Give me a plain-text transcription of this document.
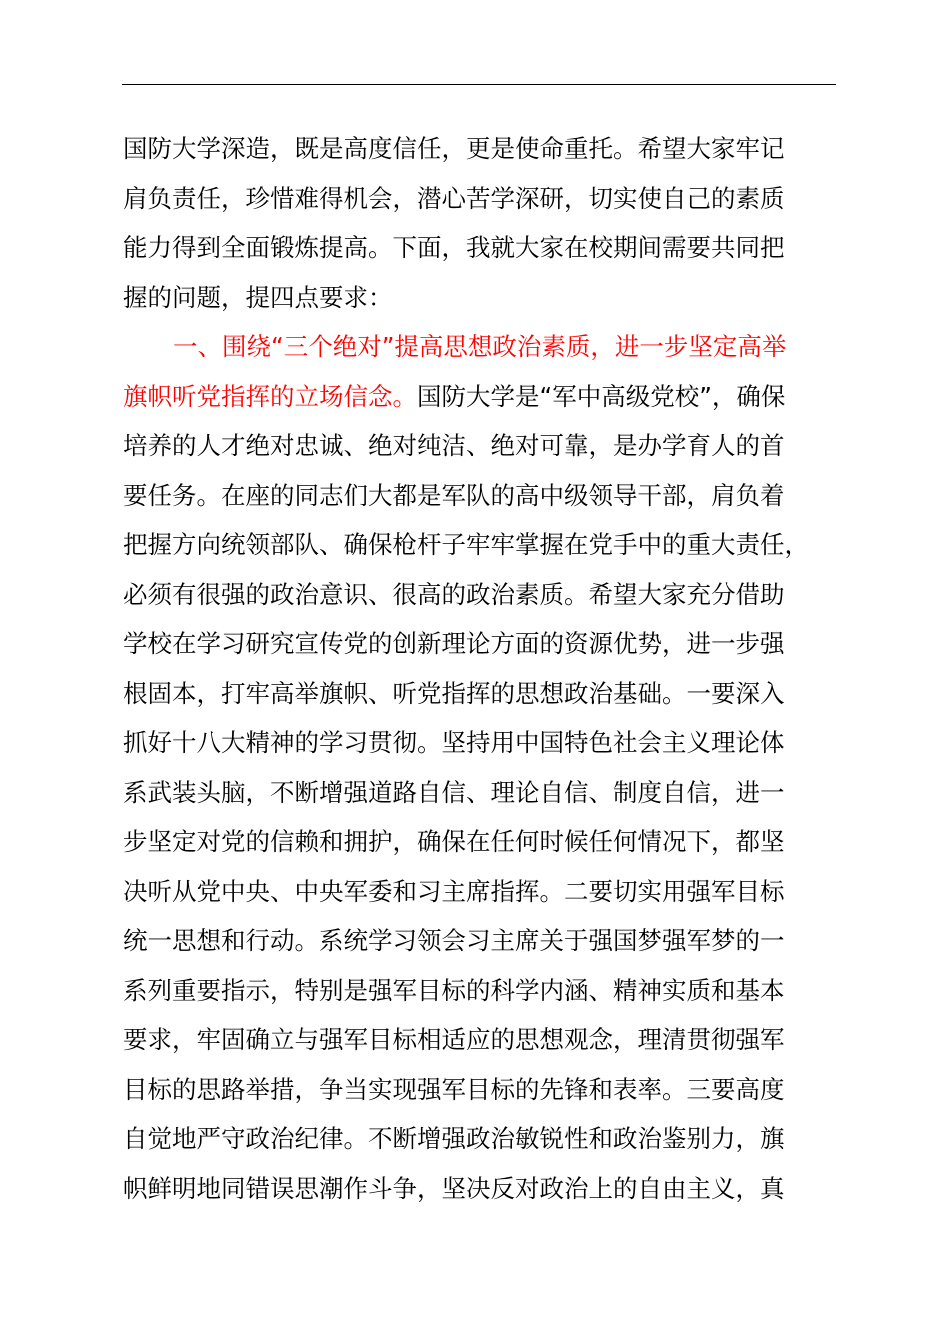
国防大学深造，既是高度信任，更是使命重托。希望大家牢记
肩负责任，珍惜难得机会，潜心苦学深研，切实使自己的素质
能力得到全面锻炼提高。下面，我就大家在校期间需要共同把
握的问题，提四点要求：
一、围绕“三个绝对”提高思想政治素质，进一步坚定高举
旗帜听党指挥的立场信念。国防大学是“军中高级党校”，确保
培养的人才绝对忠诚、绝对纯洁、绝对可靠，是办学育人的首
要任务。在座的同志们大都是军队的高中级领导干部，肩负着
把握方向统领部队、确保枪杆子牢牢掌握在党手中的重大责任，
必须有很强的政治意识、很高的政治素质。希望大家充分借助
学校在学习研究宣传党的创新理论方面的资源优势，进一步强
根固本，打牢高举旗帜、听党指挥的思想政治基础。一要深入
抓好十八大精神的学习贯彻。坚持用中国特色社会主义理论体
系武装头脑，不断增强道路自信、理论自信、制度自信，进一
步坚定对党的信赖和拥护，确保在任何时候任何情况下，都坚
决听从党中央、中央军委和习主席指挥。二要切实用强军目标
统一思想和行动。系统学习领会习主席关于强国梦强军梦的一
系列重要指示，特别是强军目标的科学内涵、精神实质和基本
要求，牢固确立与强军目标相适应的思想观念，理清贯彻强军
目标的思路举措，争当实现强军目标的先锋和表率。三要高度
自觉地严守政治纪律。不断增强政治敏锐性和政治鉴别力，旗
帜鲜明地同错误思潮作斗争，坚决反对政治上的自由主义，真
